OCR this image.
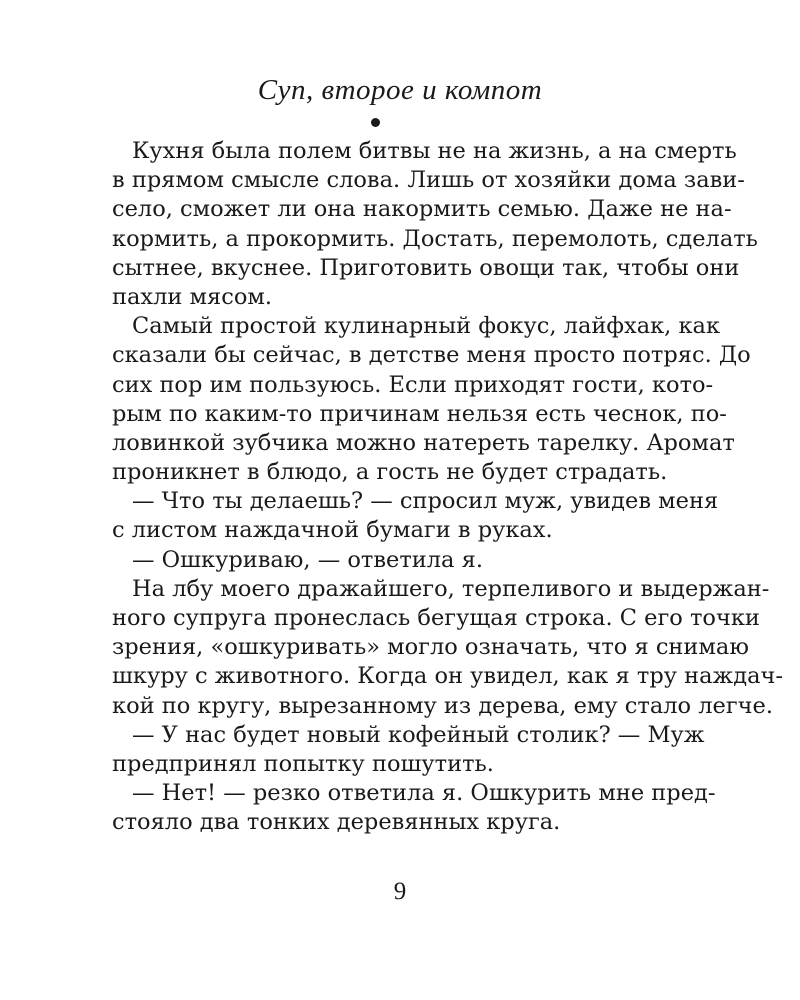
Суп, второе и компот
Кухня была полем битвы не на жизнь, а на смерть
в прямом смысле слова. Лишь от хозяйки дома зави-
село, сможет ли она накормить семью. Даже не на-
кормить, а прокормить. Достать, перемолоть, сделать
сытнее, вкуснее. Приготовить овощи так, чтобы они
пахли мясом.
Самый простой кулинарный фокус, лайфхак, как
сказали бы сейчас, в детстве меня просто потряс. До
сих пор им пользуюсь. Если приходят гости, кото-
рым по каким-то причинам нельзя есть чеснок, по-
ловинкой зубчика можно натереть тарелку. Аромат
проникнет в блюдо, а гость не будет страдать.
— Что ты делаешь? — спросил муж, увидев меня
с листом наждачной бумаги в руках.
— Ошкуриваю, — ответила я.
На лбу моего дражайшего, терпеливого и выдержан-
ного супруга пронеслась бегущая строка. С его точки
зрения, «ошкуривать» могло означать, что я снимаю
шкуру с животного. Когда он увидел, как я тру наждач-
кой по кругу, вырезанному из дерева, ему стало легче.
— У нас будет новый кофейный столик? — Муж
предпринял попытку пошутить.
— Нет! — резко ответила я. Ошкурить мне пред-
стояло два тонких деревянных круга.
9
